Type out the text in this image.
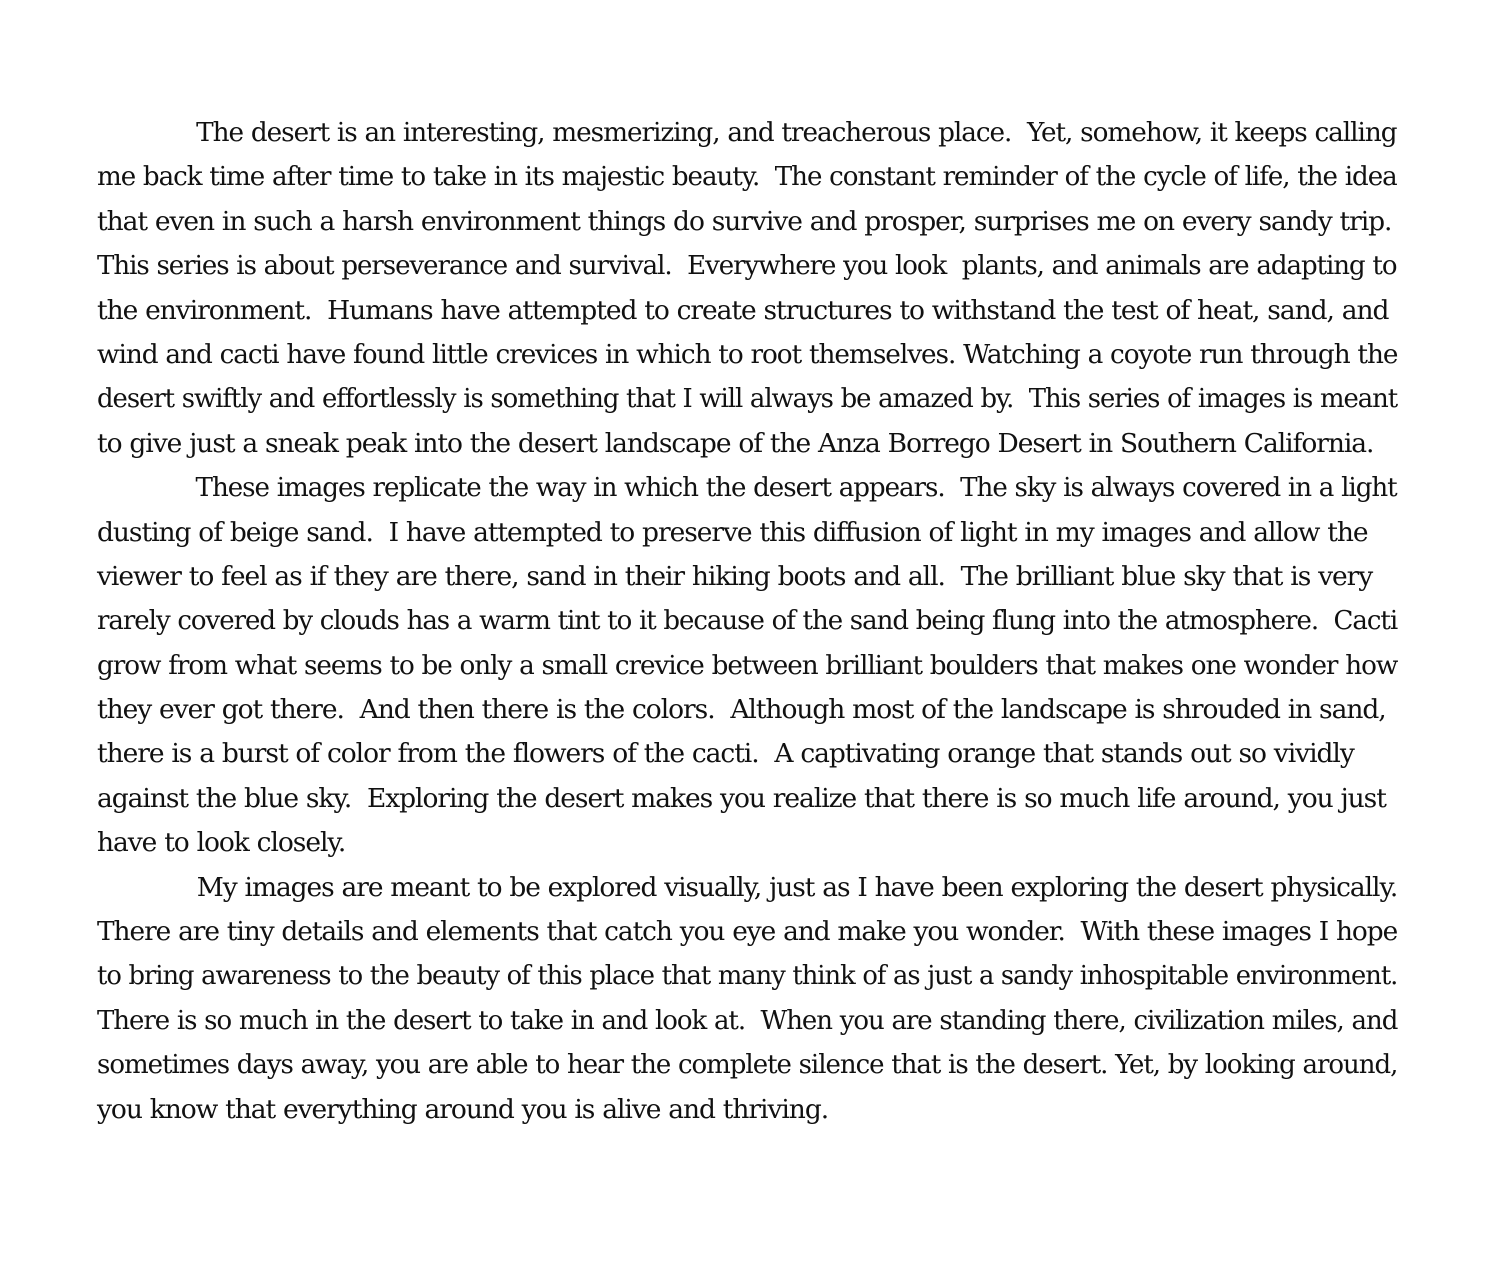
The desert is an interesting, mesmerizing, and treacherous place.  Yet, somehow, it keeps calling
me back time after time to take in its majestic beauty.  The constant reminder of the cycle of life, the idea
that even in such a harsh environment things do survive and prosper, surprises me on every sandy trip.
This series is about perseverance and survival.  Everywhere you look  plants, and animals are adapting to
the environment.  Humans have attempted to create structures to withstand the test of heat, sand, and
wind and cacti have found little crevices in which to root themselves. Watching a coyote run through the
desert swiftly and effortlessly is something that I will always be amazed by.  This series of images is meant
to give just a sneak peak into the desert landscape of the Anza Borrego Desert in Southern California.
These images replicate the way in which the desert appears.  The sky is always covered in a light
dusting of beige sand.  I have attempted to preserve this diffusion of light in my images and allow the
viewer to feel as if they are there, sand in their hiking boots and all.  The brilliant blue sky that is very
rarely covered by clouds has a warm tint to it because of the sand being flung into the atmosphere.  Cacti
grow from what seems to be only a small crevice between brilliant boulders that makes one wonder how
they ever got there.  And then there is the colors.  Although most of the landscape is shrouded in sand,
there is a burst of color from the flowers of the cacti.  A captivating orange that stands out so vividly
against the blue sky.  Exploring the desert makes you realize that there is so much life around, you just
have to look closely.
My images are meant to be explored visually, just as I have been exploring the desert physically.
There are tiny details and elements that catch you eye and make you wonder.  With these images I hope
to bring awareness to the beauty of this place that many think of as just a sandy inhospitable environment.
There is so much in the desert to take in and look at.  When you are standing there, civilization miles, and
sometimes days away, you are able to hear the complete silence that is the desert. Yet, by looking around,
you know that everything around you is alive and thriving.
